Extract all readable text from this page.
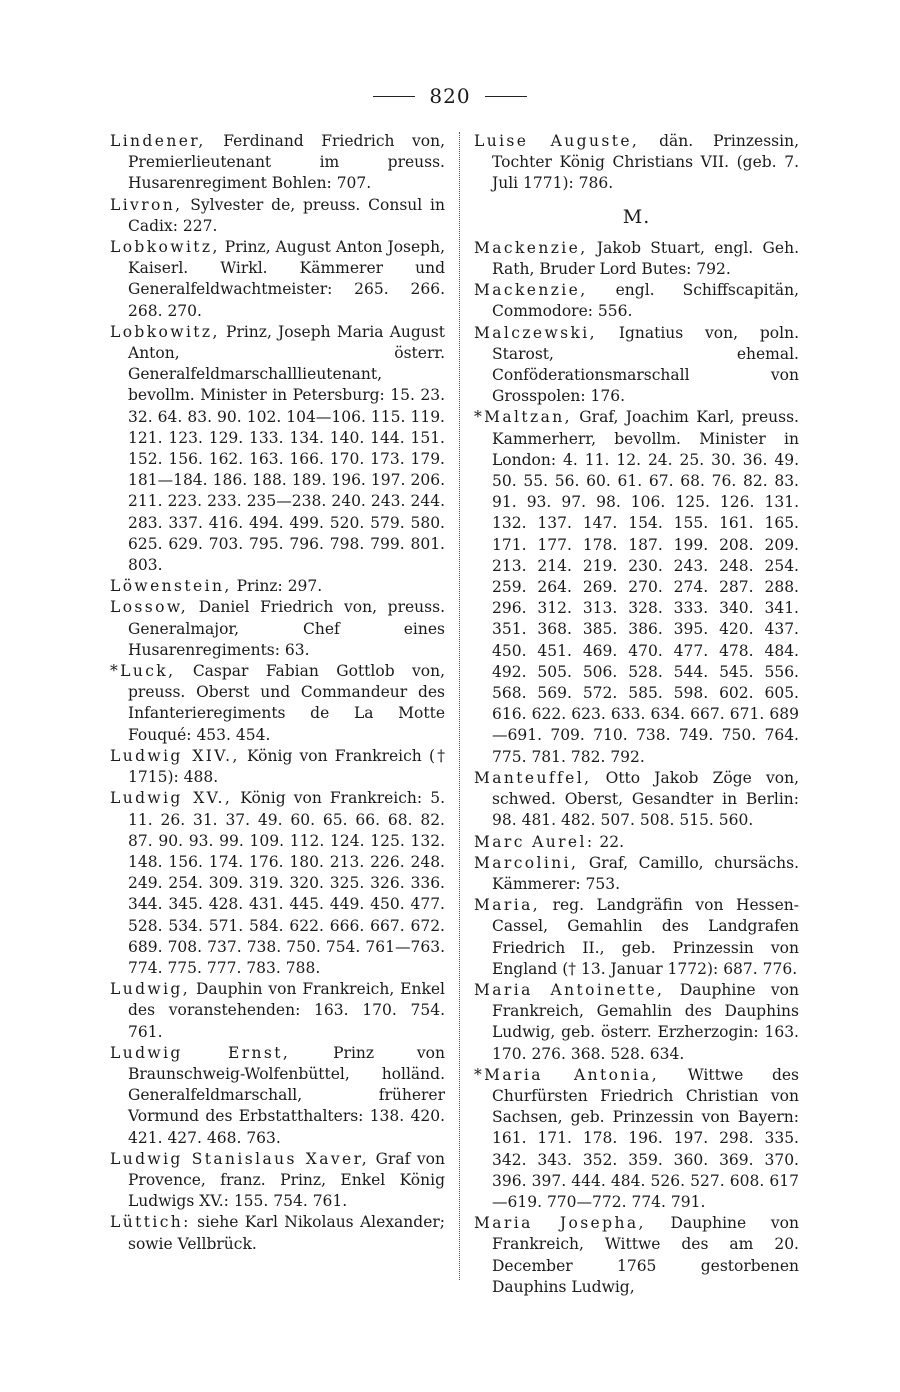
820

Lindener, Ferdinand Friedrich von, Premierlieutenant im preuss. Husarenregiment Bohlen: 707.

Livron, Sylvester de, preuss. Consul in Cadix: 227.

Lobkowitz, Prinz, August Anton Joseph, Kaiserl. Wirkl. Kämmerer und Generalfeldwachtmeister: 265. 266. 268. 270.

Lobkowitz, Prinz, Joseph Maria August Anton, österr. Generalfeldmarschalllieutenant, bevollm. Minister in Petersburg: 15. 23. 32. 64. 83. 90. 102. 104—106. 115. 119. 121. 123. 129. 133. 134. 140. 144. 151. 152. 156. 162. 163. 166. 170. 173. 179. 181—184. 186. 188. 189. 196. 197. 206. 211. 223. 233. 235—238. 240. 243. 244. 283. 337. 416. 494. 499. 520. 579. 580. 625. 629. 703. 795. 796. 798. 799. 801. 803.

Löwenstein, Prinz: 297.

Lossow, Daniel Friedrich von, preuss. Generalmajor, Chef eines Husarenregiments: 63.

*Luck, Caspar Fabian Gottlob von, preuss. Oberst und Commandeur des Infanterieregiments de La Motte Fouqué: 453. 454.

Ludwig XIV., König von Frankreich († 1715): 488.

Ludwig XV., König von Frankreich: 5. 11. 26. 31. 37. 49. 60. 65. 66. 68. 82. 87. 90. 93. 99. 109. 112. 124. 125. 132. 148. 156. 174. 176. 180. 213. 226. 248. 249. 254. 309. 319. 320. 325. 326. 336. 344. 345. 428. 431. 445. 449. 450. 477. 528. 534. 571. 584. 622. 666. 667. 672. 689. 708. 737. 738. 750. 754. 761—763. 774. 775. 777. 783. 788.

Ludwig, Dauphin von Frankreich, Enkel des voranstehenden: 163. 170. 754. 761.

Ludwig Ernst, Prinz von Braunschweig-Wolfenbüttel, holländ. Generalfeldmarschall, früherer Vormund des Erbstatthalters: 138. 420. 421. 427. 468. 763.

Ludwig Stanislaus Xaver, Graf von Provence, franz. Prinz, Enkel König Ludwigs XV.: 155. 754. 761.

Lüttich: siehe Karl Nikolaus Alexander; sowie Vellbrück.

Luise Auguste, dän. Prinzessin, Tochter König Christians VII. (geb. 7. Juli 1771): 786.

M.

Mackenzie, Jakob Stuart, engl. Geh. Rath, Bruder Lord Butes: 792.

Mackenzie, engl. Schiffscapitän, Commodore: 556.

Malczewski, Ignatius von, poln. Starost, ehemal. Conföderationsmarschall von Grosspolen: 176.

*Maltzan, Graf, Joachim Karl, preuss. Kammerherr, bevollm. Minister in London: 4. 11. 12. 24. 25. 30. 36. 49. 50. 55. 56. 60. 61. 67. 68. 76. 82. 83. 91. 93. 97. 98. 106. 125. 126. 131. 132. 137. 147. 154. 155. 161. 165. 171. 177. 178. 187. 199. 208. 209. 213. 214. 219. 230. 243. 248. 254. 259. 264. 269. 270. 274. 287. 288. 296. 312. 313. 328. 333. 340. 341. 351. 368. 385. 386. 395. 420. 437. 450. 451. 469. 470. 477. 478. 484. 492. 505. 506. 528. 544. 545. 556. 568. 569. 572. 585. 598. 602. 605. 616. 622. 623. 633. 634. 667. 671. 689—691. 709. 710. 738. 749. 750. 764. 775. 781. 782. 792.

Manteuffel, Otto Jakob Zöge von, schwed. Oberst, Gesandter in Berlin: 98. 481. 482. 507. 508. 515. 560.

Marc Aurel: 22.

Marcolini, Graf, Camillo, chursächs. Kämmerer: 753.

Maria, reg. Landgräfin von Hessen-Cassel, Gemahlin des Landgrafen Friedrich II., geb. Prinzessin von England († 13. Januar 1772): 687. 776.

Maria Antoinette, Dauphine von Frankreich, Gemahlin des Dauphins Ludwig, geb. österr. Erzherzogin: 163. 170. 276. 368. 528. 634.

*Maria Antonia, Wittwe des Churfürsten Friedrich Christian von Sachsen, geb. Prinzessin von Bayern: 161. 171. 178. 196. 197. 298. 335. 342. 343. 352. 359. 360. 369. 370. 396. 397. 444. 484. 526. 527. 608. 617—619. 770—772. 774. 791.

Maria Josepha, Dauphine von Frankreich, Wittwe des am 20. December 1765 gestorbenen Dauphins Ludwig,
